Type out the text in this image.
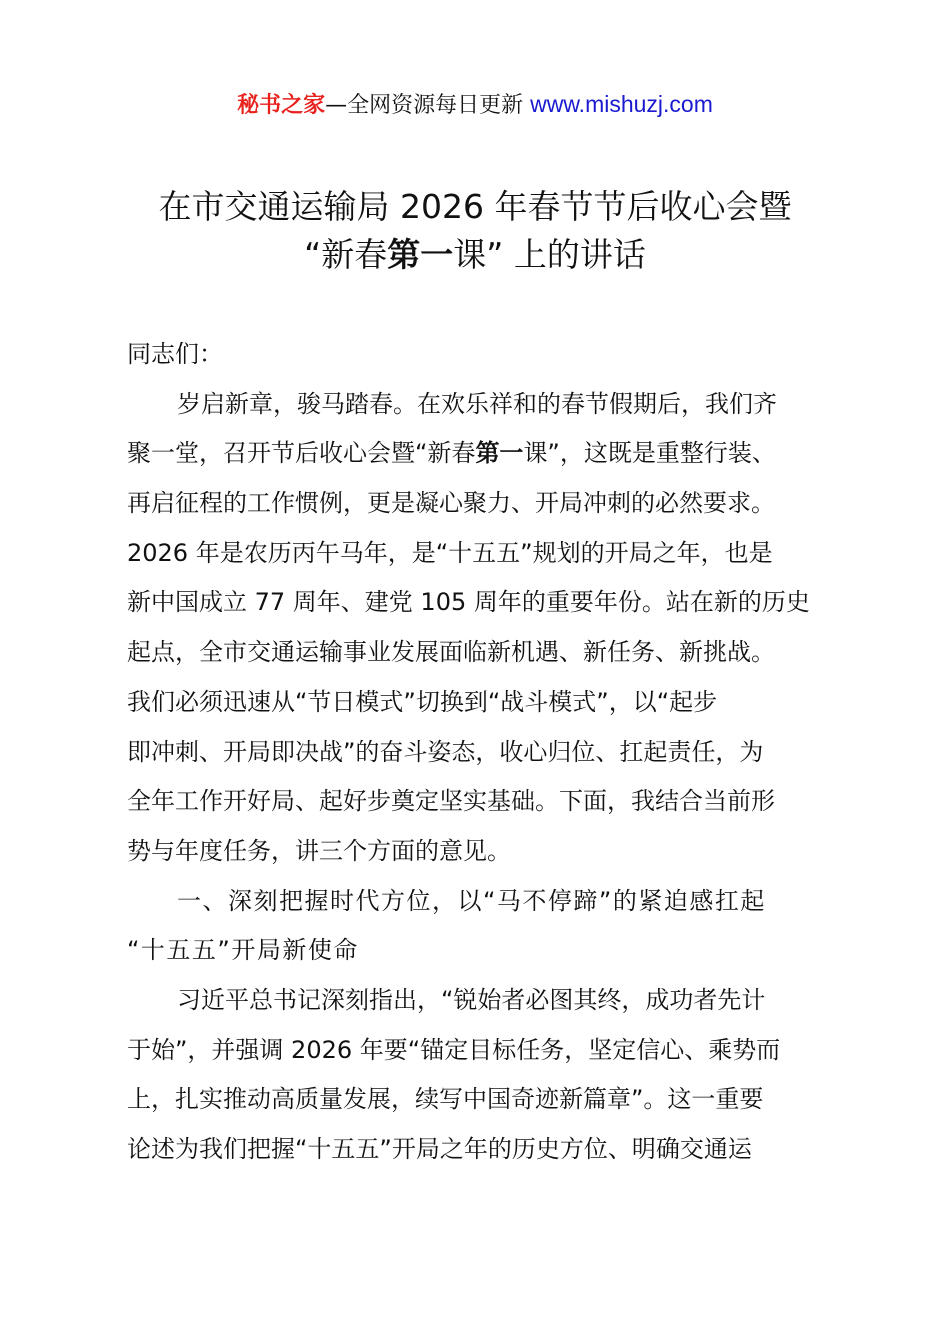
秘书之家—全网资源每日更新 www.mishuzj.com
在市交通运输局 2026 年春节节后收心会暨
“新春第一课” 上的讲话
同志们：
岁启新章，骏马踏春。在欢乐祥和的春节假期后，我们齐
聚一堂，召开节后收心会暨“新春第一课”，这既是重整行装、
再启征程的工作惯例，更是凝心聚力、开局冲刺的必然要求。
2026 年是农历丙午马年，是“十五五”规划的开局之年，也是
新中国成立 77 周年、建党 105 周年的重要年份。站在新的历史
起点，全市交通运输事业发展面临新机遇、新任务、新挑战。
我们必须迅速从“节日模式”切换到“战斗模式”，以“起步
即冲刺、开局即决战”的奋斗姿态，收心归位、扛起责任，为
全年工作开好局、起好步奠定坚实基础。下面，我结合当前形
势与年度任务，讲三个方面的意见。
一、深刻把握时代方位，以“马不停蹄”的紧迫感扛起
“十五五”开局新使命
习近平总书记深刻指出，“锐始者必图其终，成功者先计
于始”，并强调 2026 年要“锚定目标任务，坚定信心、乘势而
上，扎实推动高质量发展，续写中国奇迹新篇章”。这一重要
论述为我们把握“十五五”开局之年的历史方位、明确交通运
